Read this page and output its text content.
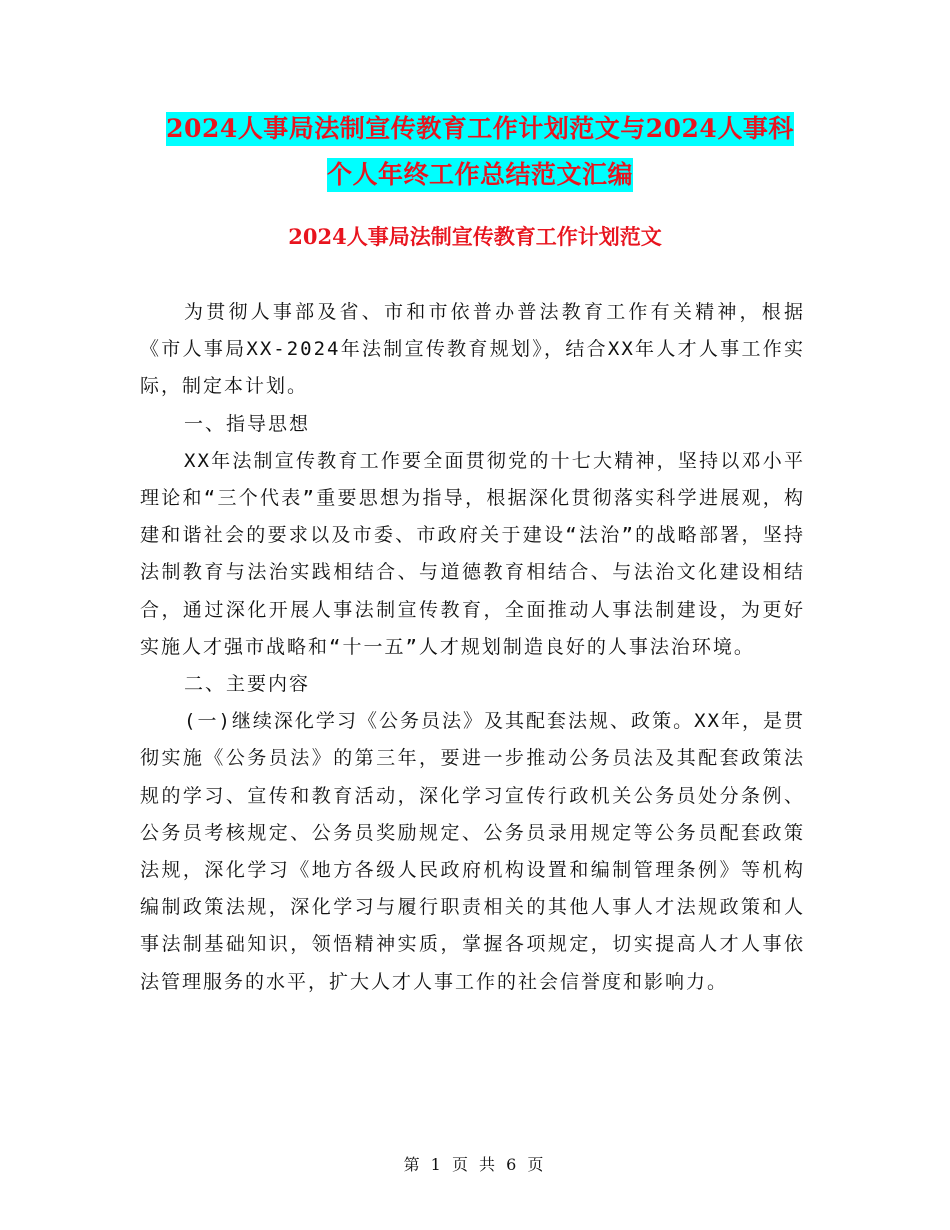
2024人事局法制宣传教育工作计划范文与2024人事科
个人年终工作总结范文汇编
2024人事局法制宣传教育工作计划范文

为贯彻人事部及省、市和市依普办普法教育工作有关精神，根据《市人事局XX-2024年法制宣传教育规划》，结合XX年人才人事工作实际，制定本计划。

一、指导思想

XX年法制宣传教育工作要全面贯彻党的十七大精神，坚持以邓小平理论和“三个代表”重要思想为指导，根据深化贯彻落实科学进展观，构建和谐社会的要求以及市委、市政府关于建设“法治”的战略部署，坚持法制教育与法治实践相结合、与道德教育相结合、与法治文化建设相结合，通过深化开展人事法制宣传教育，全面推动人事法制建设，为更好实施人才强市战略和“十一五”人才规划制造良好的人事法治环境。

二、主要内容

(一)继续深化学习《公务员法》及其配套法规、政策。XX年，是贯彻实施《公务员法》的第三年，要进一步推动公务员法及其配套政策法规的学习、宣传和教育活动，深化学习宣传行政机关公务员处分条例、公务员考核规定、公务员奖励规定、公务员录用规定等公务员配套政策法规，深化学习《地方各级人民政府机构设置和编制管理条例》等机构编制政策法规，深化学习与履行职责相关的其他人事人才法规政策和人事法制基础知识，领悟精神实质，掌握各项规定，切实提高人才人事依法管理服务的水平，扩大人才人事工作的社会信誉度和影响力。

第 1 页 共 6 页
